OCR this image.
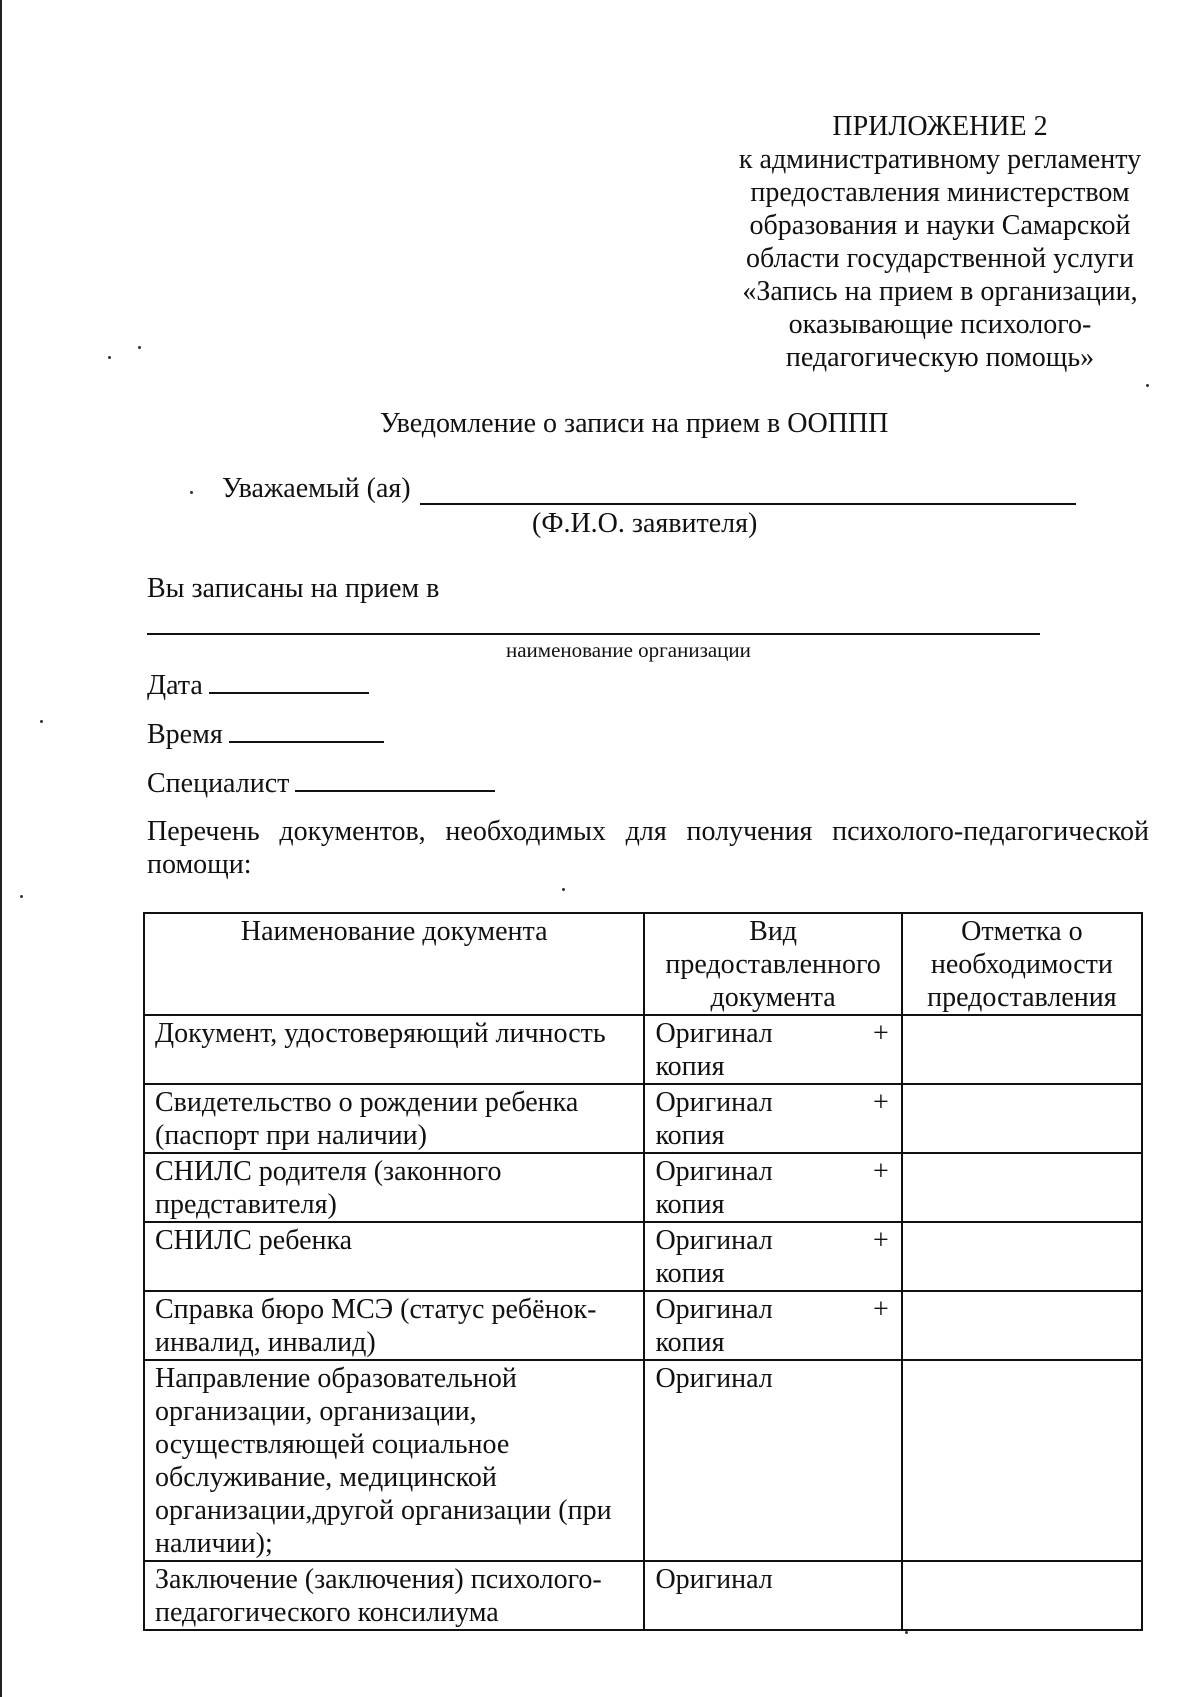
ПРИЛОЖЕНИЕ 2
к административному регламенту
предоставления министерством
образования и науки Самарской
области государственной услуги
«Запись на прием в организации,
оказывающие психолого-
педагогическую помощь»
Уведомление о записи на прием в ООППП
Уважаемый (ая)
(Ф.И.О. заявителя)
Вы записаны на прием в
наименование организации
Дата
Время
Специалист
Перечень документов, необходимых для получения психолого-педагогической помощи:
Наименование документа	Вид предоставленного документа	Отметка о необходимости предоставления
Документ, удостоверяющий личность	Оригинал +
копия	

Свидетельство о рождении ребенка (паспорт при наличии)	Оригинал +
копия	

СНИЛС родителя (законного представителя)	Оригинал +
копия	

СНИЛС ребенка	Оригинал +
копия	

Справка бюро МСЭ (статус ребёнок-инвалид, инвалид)	Оригинал +
копия	

Направление образовательной организации, организации, осуществляющей социальное обслуживание, медицинской организации,другой организации (при наличии);	Оригинал	

Заключение (заключения) психолого-педагогического консилиума	Оригинал	
